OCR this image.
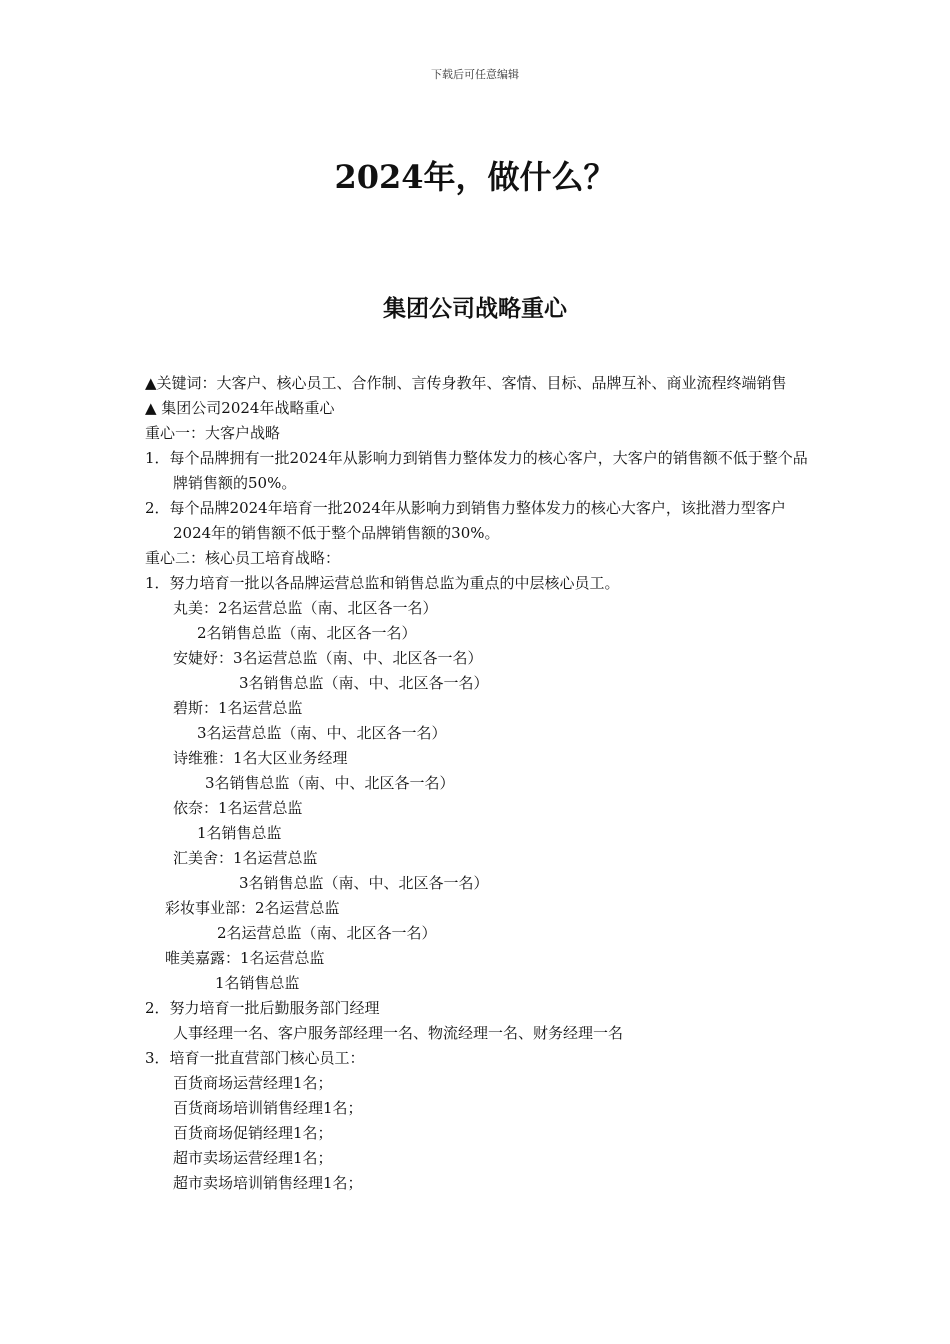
下载后可任意编辑
2024年，做什么？
集团公司战略重心
▲关键词：大客户、核心员工、合作制、言传身教年、客情、目标、品牌互补、商业流程终端销售
▲ 集团公司2024年战略重心
重心一：大客户战略
1．每个品牌拥有一批2024年从影响力到销售力整体发力的核心客户，大客户的销售额不低于整个品牌销售额的50%。
2．每个品牌2024年培育一批2024年从影响力到销售力整体发力的核心大客户，该批潜力型客户2024年的销售额不低于整个品牌销售额的30%。
重心二：核心员工培育战略：
1．努力培育一批以各品牌运营总监和销售总监为重点的中层核心员工。
丸美：2名运营总监（南、北区各一名）
2名销售总监（南、北区各一名）
安婕妤：3名运营总监（南、中、北区各一名）
3名销售总监（南、中、北区各一名）
碧斯：1名运营总监
3名运营总监（南、中、北区各一名）
诗维雅：1名大区业务经理
3名销售总监（南、中、北区各一名）
依奈：1名运营总监
1名销售总监
汇美舍：1名运营总监
3名销售总监（南、中、北区各一名）
彩妆事业部：2名运营总监
2名运营总监（南、北区各一名）
唯美嘉露：1名运营总监
1名销售总监
2．努力培育一批后勤服务部门经理
人事经理一名、客户服务部经理一名、物流经理一名、财务经理一名
3．培育一批直营部门核心员工：
百货商场运营经理1名；
百货商场培训销售经理1名；
百货商场促销经理1名；
超市卖场运营经理1名；
超市卖场培训销售经理1名；
